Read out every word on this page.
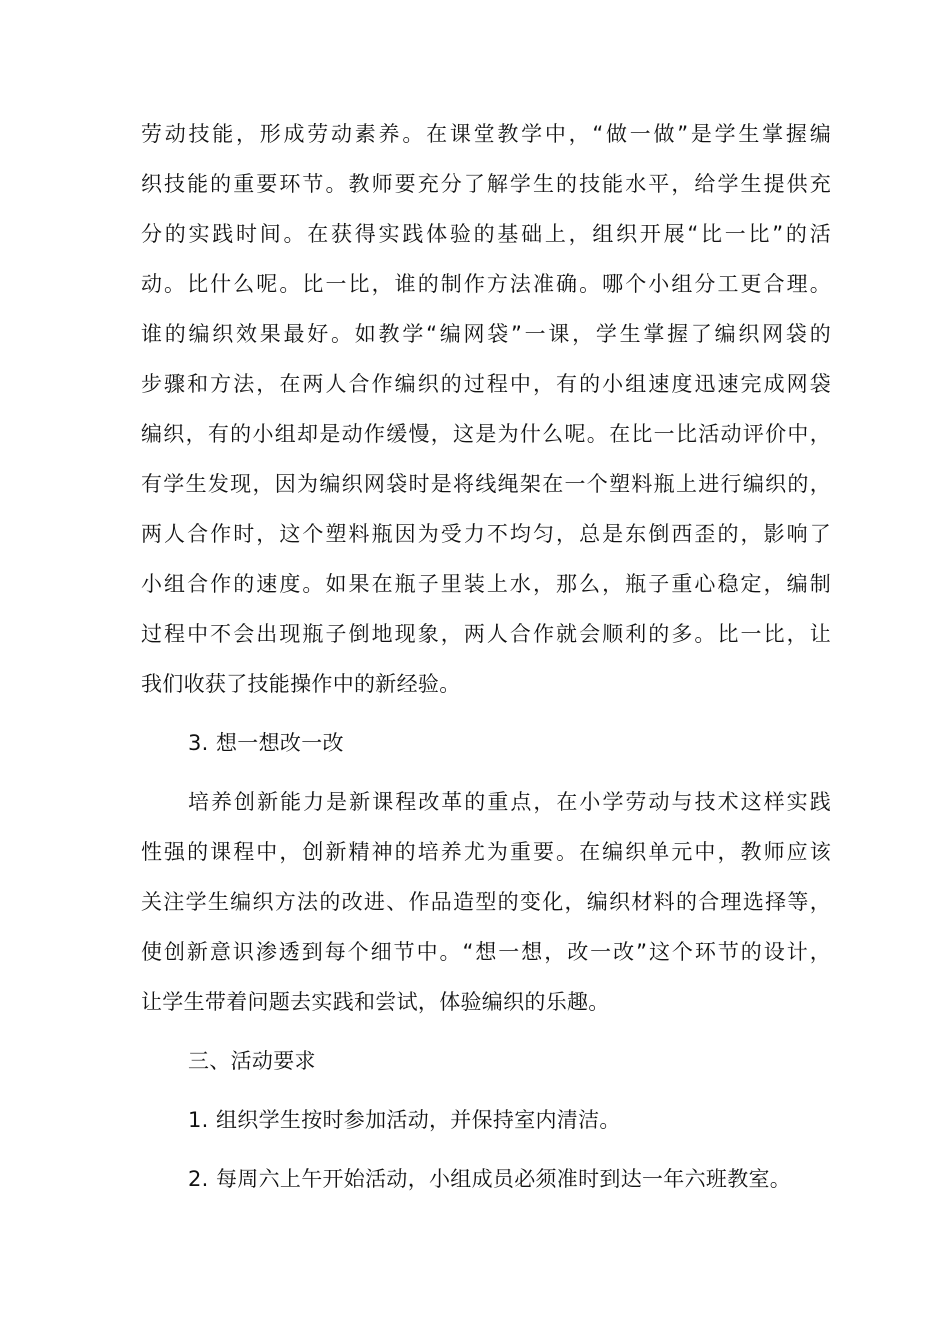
劳动技能，形成劳动素养。在课堂教学中，“做一做”是学生掌握编
织技能的重要环节。教师要充分了解学生的技能水平，给学生提供充
分的实践时间。在获得实践体验的基础上，组织开展“比一比”的活
动。比什么呢。比一比，谁的制作方法准确。哪个小组分工更合理。
谁的编织效果最好。如教学“编网袋”一课，学生掌握了编织网袋的
步骤和方法，在两人合作编织的过程中，有的小组速度迅速完成网袋
编织，有的小组却是动作缓慢，这是为什么呢。在比一比活动评价中，
有学生发现，因为编织网袋时是将线绳架在一个塑料瓶上进行编织的，
两人合作时，这个塑料瓶因为受力不均匀，总是东倒西歪的，影响了
小组合作的速度。如果在瓶子里装上水，那么，瓶子重心稳定，编制
过程中不会出现瓶子倒地现象，两人合作就会顺利的多。比一比，让
我们收获了技能操作中的新经验。
3. 想一想改一改
培养创新能力是新课程改革的重点，在小学劳动与技术这样实践
性强的课程中，创新精神的培养尤为重要。在编织单元中，教师应该
关注学生编织方法的改进、作品造型的变化，编织材料的合理选择等，
使创新意识渗透到每个细节中。“想一想，改一改”这个环节的设计，
让学生带着问题去实践和尝试，体验编织的乐趣。
三、活动要求
1. 组织学生按时参加活动，并保持室内清洁。
2. 每周六上午开始活动，小组成员必须准时到达一年六班教室。
